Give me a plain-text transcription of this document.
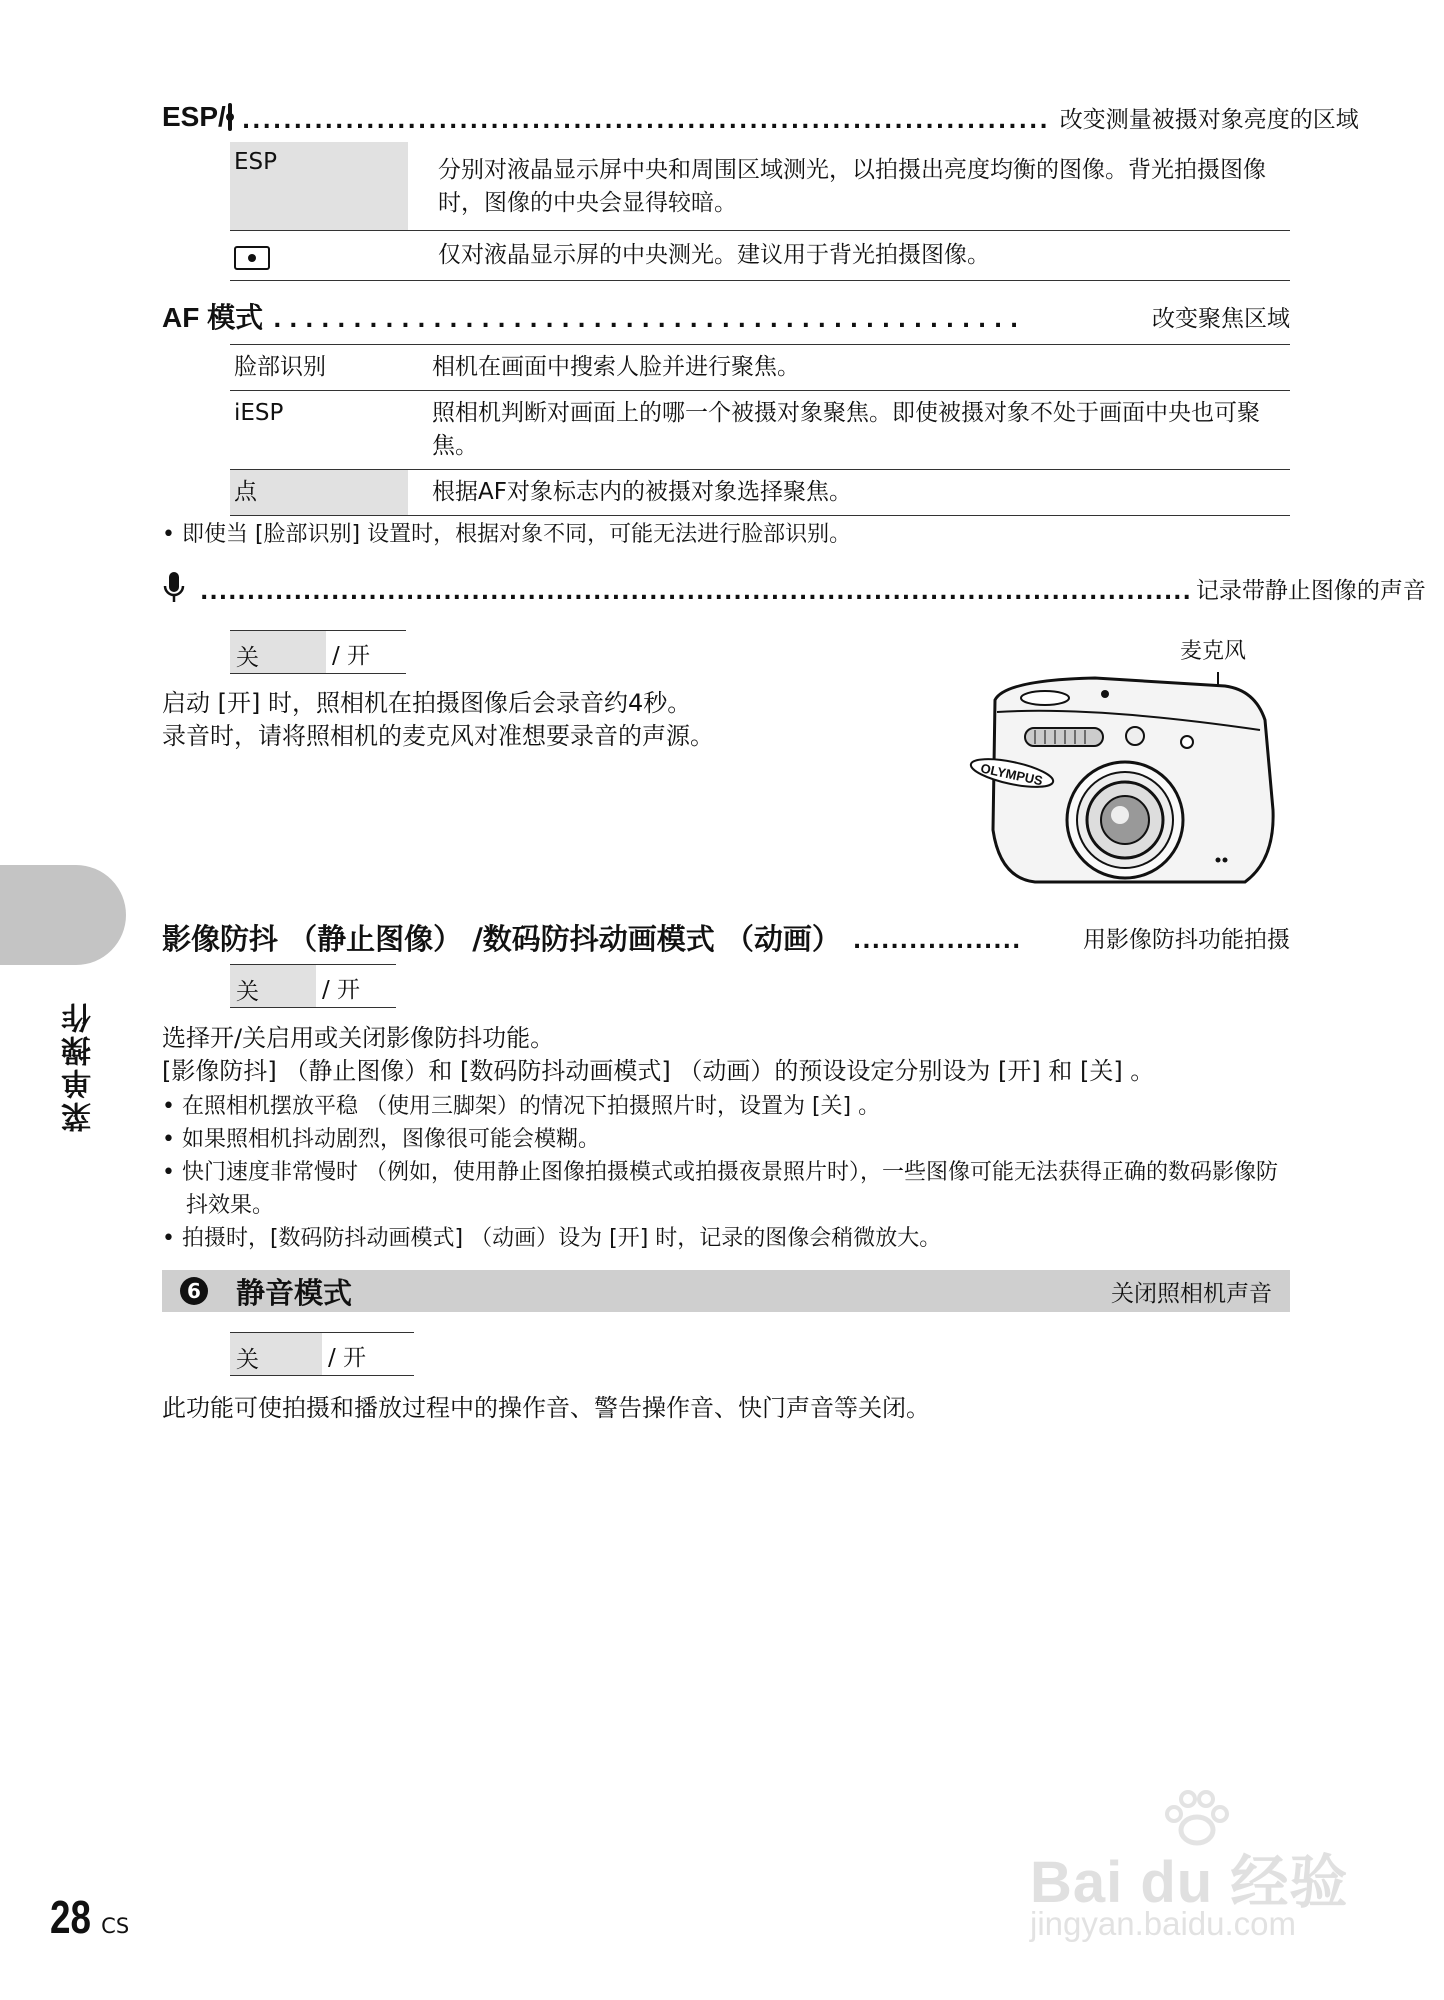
菜单操作
ESP/ .............................................................................. 改变测量被摄对象亮度的区域
ESP	分别对液晶显示屏中央和周围区域测光，以拍摄出亮度均衡的图像。背光拍摄图像时，图像的中央会显得较暗。
	仅对液晶显示屏的中央测光。建议用于背光拍摄图像。
AF 模式 . . . . . . . . . . . . . . . . . . . . . . . . . . . . . . . . . . . . . . . . . . . . . . .	改变聚焦区域
脸部识别	相机在画面中搜索人脸并进行聚焦。
iESP	照相机判断对画面上的哪一个被摄对象聚焦。即使被摄对象不处于画面中央也可聚焦。
点	根据AF对象标志内的被摄对象选择聚焦。
• 即使当 [脸部识别] 设置时，根据对象不同，可能无法进行脸部识别。
.......................................................................................................... 记录带静止图像的声音
关	/ 开
启动 [开] 时，照相机在拍摄图像后会录音约4秒。
录音时，请将照相机的麦克风对准想要录音的声源。
麦克风
OLYMPUS
影像防抖 （静止图像） /数码防抖动画模式 （动画） ..................	用影像防抖功能拍摄
关	/ 开
选择开/关启用或关闭影像防抖功能。
[影像防抖] （静止图像）和 [数码防抖动画模式] （动画）的预设设定分别设为 [开] 和 [关] 。
• 在照相机摆放平稳 （使用三脚架）的情况下拍摄照片时，设置为 [关] 。
• 如果照相机抖动剧烈，图像很可能会模糊。
• 快门速度非常慢时 （例如，使用静止图像拍摄模式或拍摄夜景照片时），一些图像可能无法获得正确的数码影像防抖效果。
• 拍摄时，[数码防抖动画模式] （动画）设为 [开] 时，记录的图像会稍微放大。
6 静音模式	关闭照相机声音
关	/ 开
此功能可使拍摄和播放过程中的操作音、警告操作音、快门声音等关闭。
28 CS
Bai du 经验
jingyan.baidu.com
